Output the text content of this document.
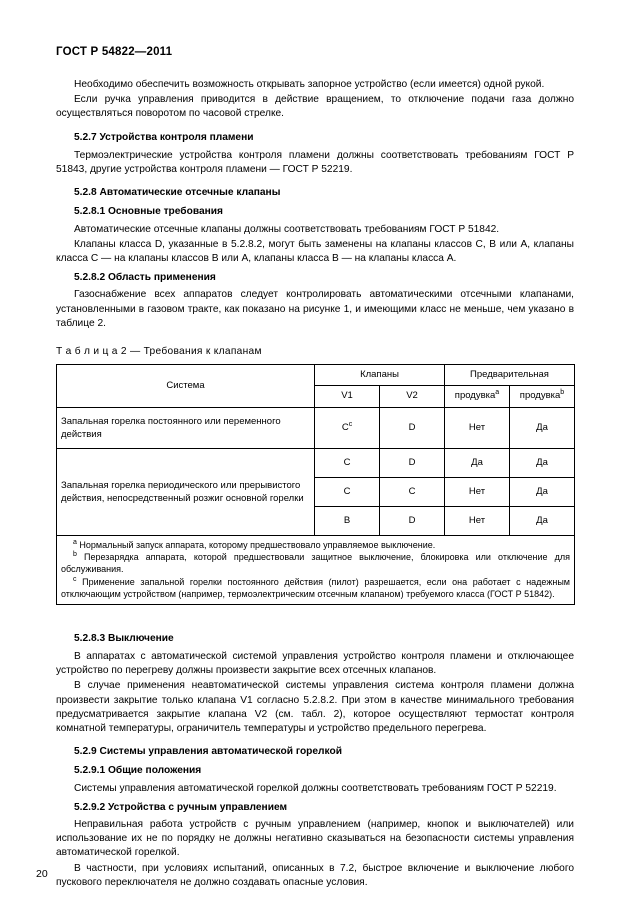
ГОСТ Р 54822—2011

Необходимо обеспечить возможность открывать запорное устройство (если имеется) одной рукой.

Если ручка управления приводится в действие вращением, то отключение подачи газа должно осуществляться поворотом по часовой стрелке.

5.2.7 Устройства контроля пламени

Термоэлектрические устройства контроля пламени должны соответствовать требованиям ГОСТ Р 51843, другие устройства контроля пламени — ГОСТ Р 52219.

5.2.8 Автоматические отсечные клапаны

5.2.8.1 Основные требования

Автоматические отсечные клапаны должны соответствовать требованиям ГОСТ Р 51842.

Клапаны класса D, указанные в 5.2.8.2, могут быть заменены на клапаны классов С, В или А, клапаны класса С — на клапаны классов В или А, клапаны класса В — на клапаны класса А.

5.2.8.2 Область применения

Газоснабжение всех аппаратов следует контролировать автоматическими отсечными клапанами, установленными в газовом тракте, как показано на рисунке 1, и имеющими класс не меньше, чем указано в таблице 2.

Т а б л и ц а 2 — Требования к клапанам
Система	Клапаны		Предварительная	
	V1	V2	продувка$^a$	продувка$^b$
Запальная горелка постоянного или переменного действия	$C^c$	D	Нет	Да
Запальная горелка периодического или прерывистого действия, непосредственный розжиг основной горелки	C	D	Да	Да
	C	C	Нет	Да
	B	D	Нет	Да

$^a$ Нормальный запуск аппарата, которому предшествовало управляемое выключение.
$^b$ Перезарядка аппарата, которой предшествовали защитное выключение, блокировка или отключение для обслуживания.
$^c$ Применение запальной горелки постоянного действия (пилот) разрешается, если она работает с надежным отключающим устройством (например, термоэлектрическим отсечным клапаном) требуемого класса (ГОСТ Р 51842).				

5.2.8.3 Выключение

В аппаратах с автоматической системой управления устройство контроля пламени и отключающее устройство по перегреву должны произвести закрытие всех отсечных клапанов.

В случае применения неавтоматической системы управления система контроля пламени должна произвести закрытие только клапана V1 согласно 5.2.8.2. При этом в качестве минимального требования предусматривается закрытие клапана V2 (см. табл. 2), которое осуществляют термостат контроля комнатной температуры, ограничитель температуры и устройство предельного перегрева.

5.2.9 Системы управления автоматической горелкой

5.2.9.1 Общие положения

Системы управления автоматической горелкой должны соответствовать требованиям ГОСТ Р 52219.

5.2.9.2 Устройства с ручным управлением

Неправильная работа устройств с ручным управлением (например, кнопок и выключателей) или использование их не по порядку не должны негативно сказываться на безопасности системы управления автоматической горелкой.

В частности, при условиях испытаний, описанных в 7.2, быстрое включение и выключение любого пускового переключателя не должно создавать опасные условия.

20
